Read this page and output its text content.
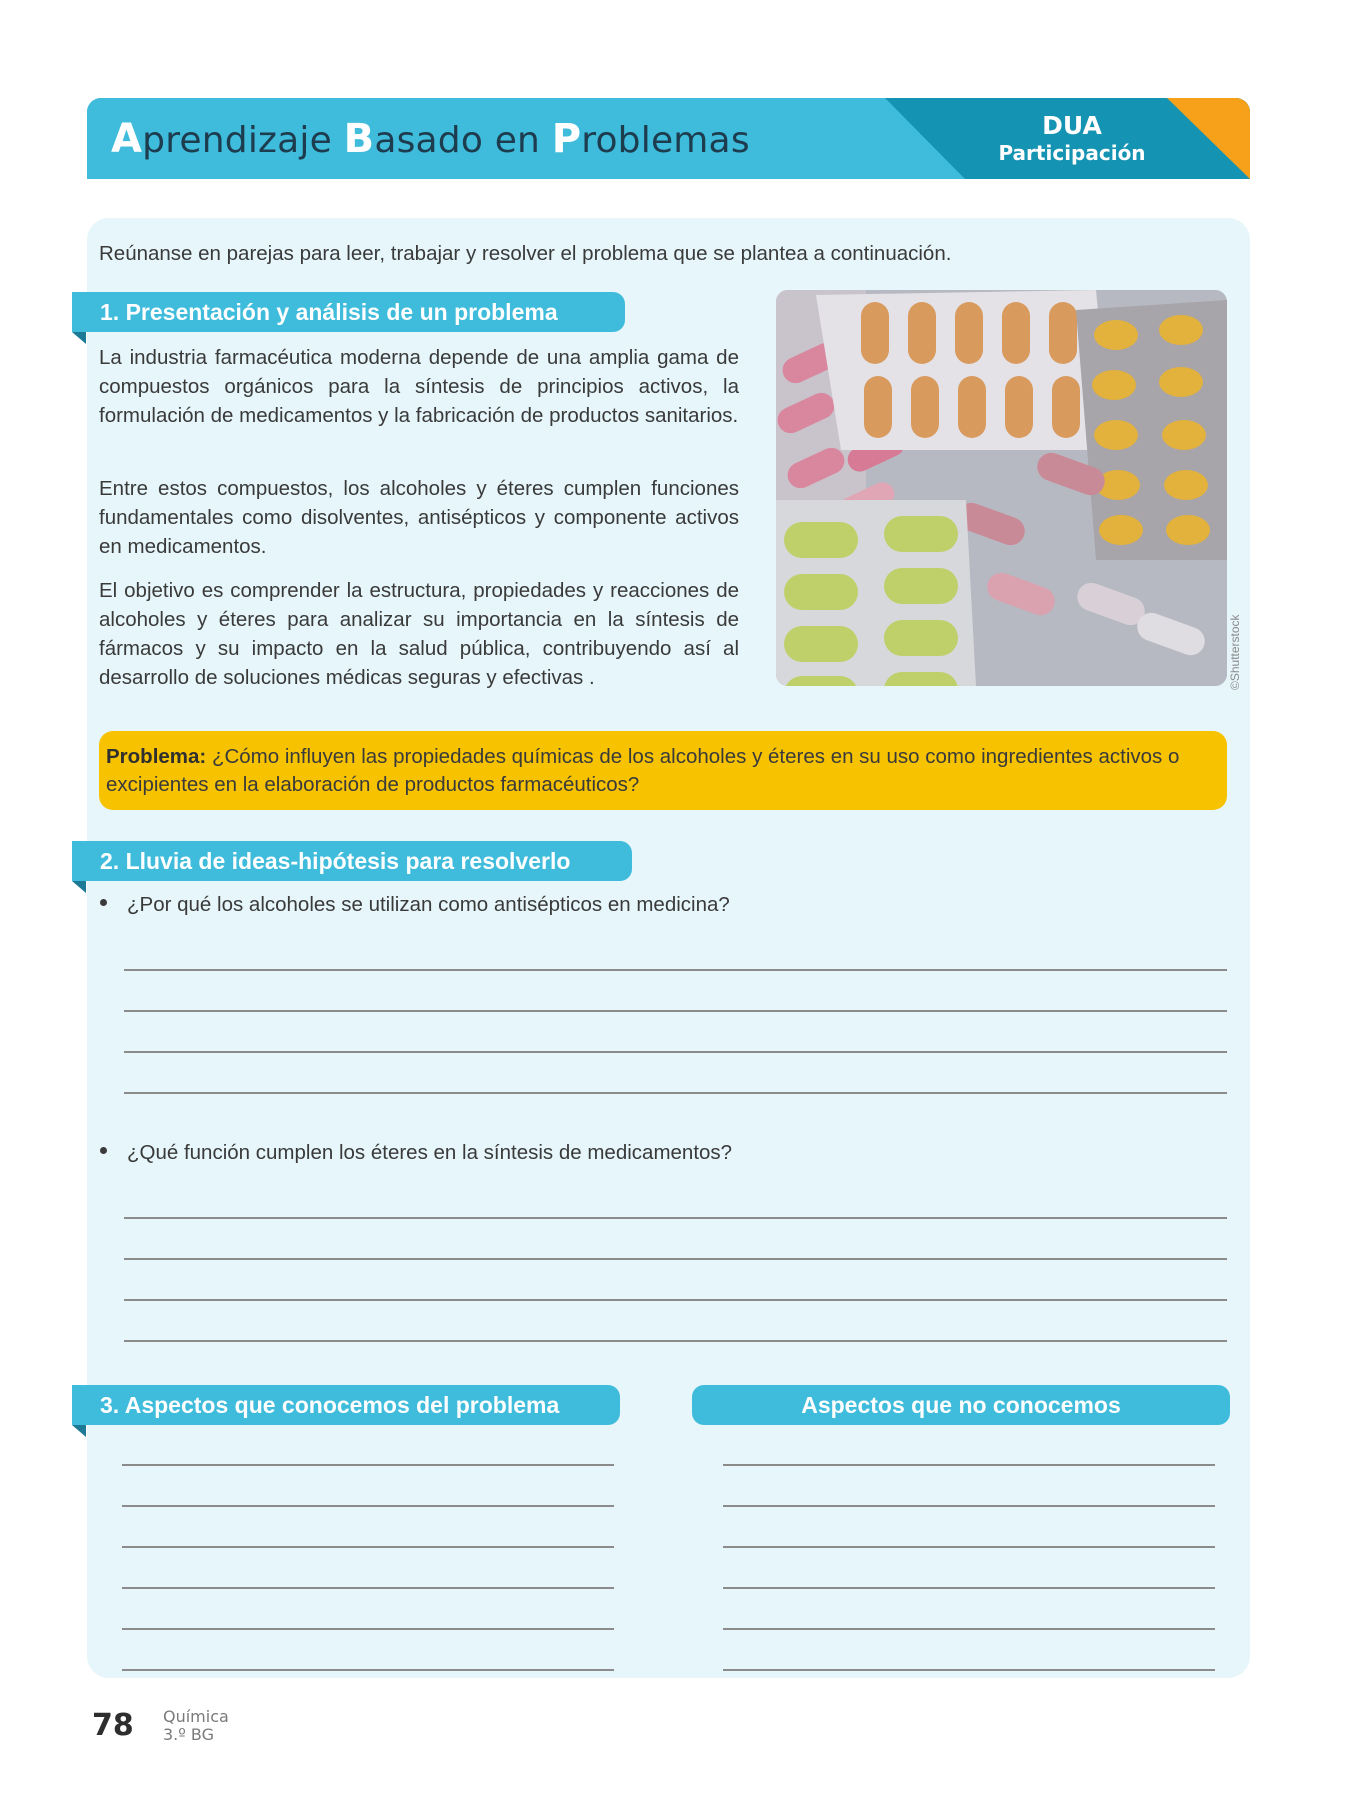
Aprendizaje Basado en Problemas	DUA
Participación
Reúnanse en parejas para leer, trabajar y resolver el problema que se plantea a continuación.
1. Presentación y análisis de un problema
La industria farmacéutica moderna depende de una amplia gama de compuestos orgánicos para la síntesis de principios activos, la formulación de medicamentos y la fabricación de productos sanitarios.
Entre estos compuestos, los alcoholes y éteres cumplen funciones fundamentales como disolventes, antisépticos y componente activos en medicamentos.
El objetivo es comprender la estructura, propiedades y reacciones de alcoholes y éteres para analizar su importancia en la síntesis de fármacos y su impacto en la salud pública, contribuyendo así al desarrollo de soluciones médicas seguras y efectivas .	©Shutterstock
Problema: ¿Cómo influyen las propiedades químicas de los alcoholes y éteres en su uso como ingredientes activos o excipientes en la elaboración de productos farmacéuticos?
2. Lluvia de ideas-hipótesis para resolverlo
¿Por qué los alcoholes se utilizan como antisépticos en medicina?
¿Qué función cumplen los éteres en la síntesis de medicamentos?
3. Aspectos que conocemos del problema	Aspectos que no conocemos
78 Química
3.º BG
